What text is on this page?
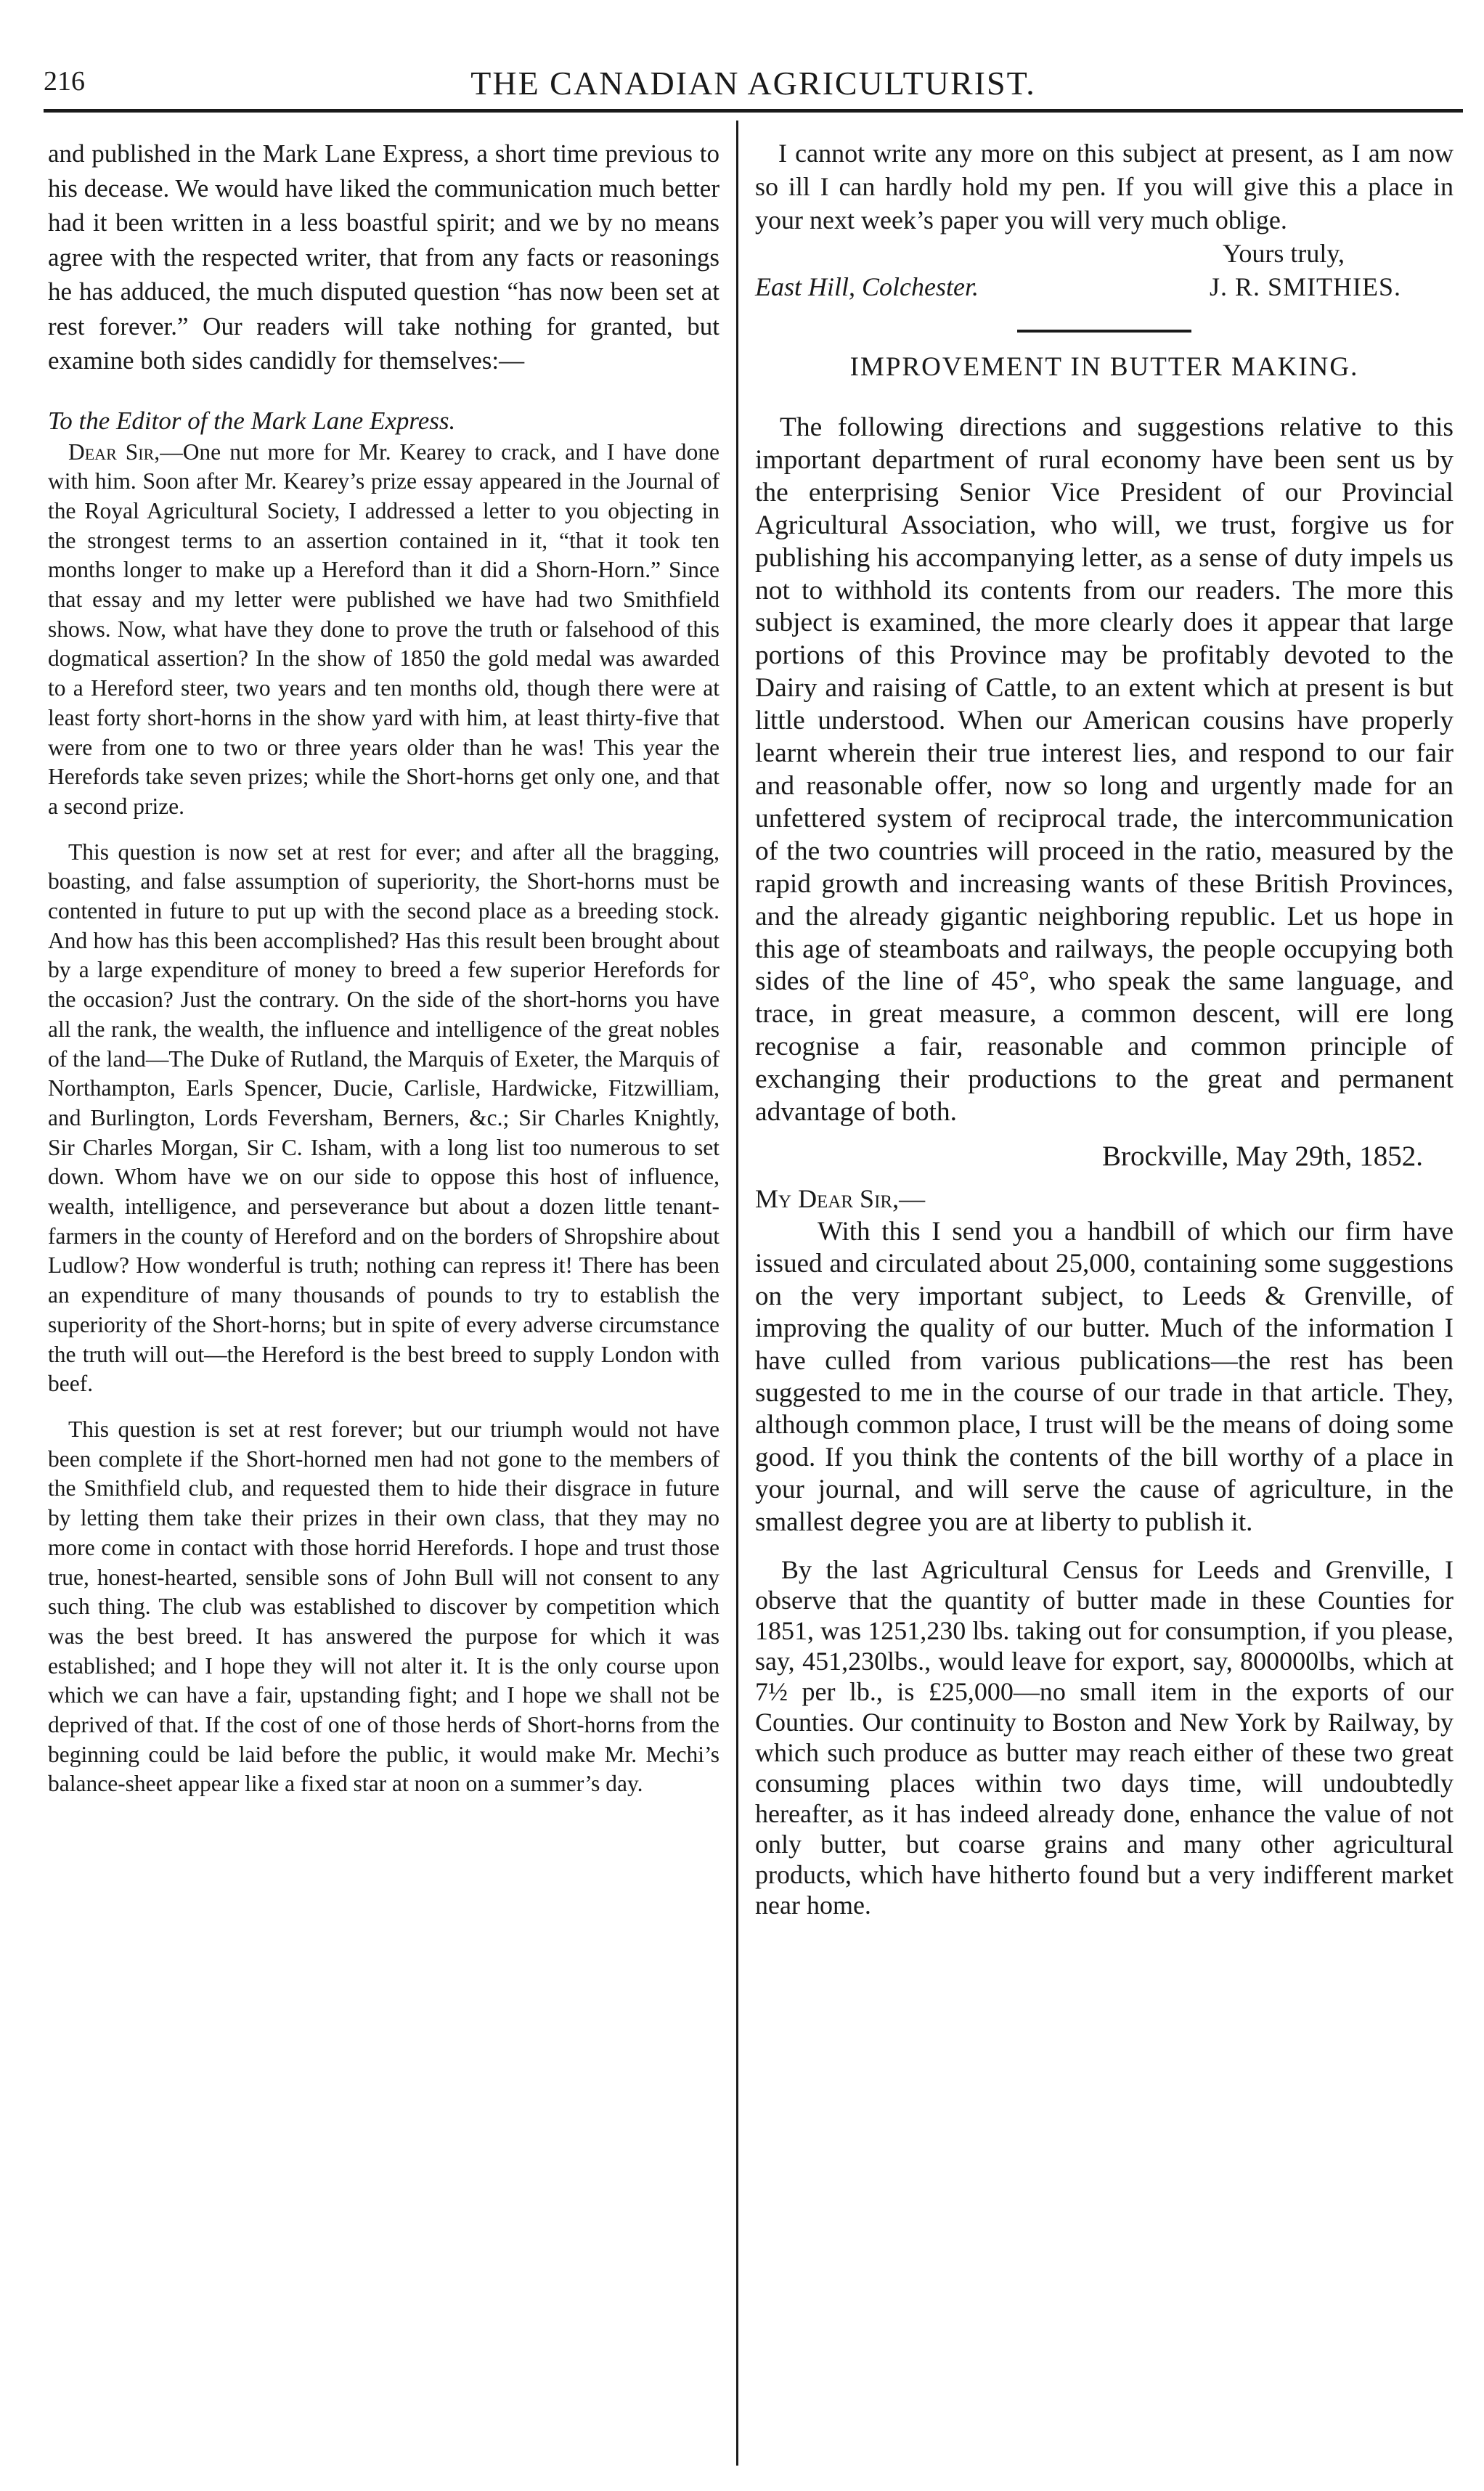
216	THE CANADIAN AGRICULTURIST.

and published in the Mark Lane Express, a short time previous to his decease. We would have liked the communication much better had it been written in a less boastful spirit; and we by no means agree with the respected writer, that from any facts or reasonings he has adduced, the much disputed question “has now been set at rest forever.” Our readers will take nothing for granted, but examine both sides candidly for themselves:—

To the Editor of the Mark Lane Express.

Dear Sir,—One nut more for Mr. Kearey to crack, and I have done with him. Soon after Mr. Kearey’s prize essay appeared in the Journal of the Royal Agricultural Society, I addressed a letter to you objecting in the strongest terms to an assertion contained in it, “that it took ten months longer to make up a Hereford than it did a Shorn-Horn.” Since that essay and my letter were published we have had two Smithfield shows. Now, what have they done to prove the truth or falsehood of this dogmatical assertion? In the show of 1850 the gold medal was awarded to a Hereford steer, two years and ten months old, though there were at least forty short-horns in the show yard with him, at least thirty-five that were from one to two or three years older than he was! This year the Herefords take seven prizes; while the Short-horns get only one, and that a second prize.

This question is now set at rest for ever; and after all the bragging, boasting, and false assumption of superiority, the Short-horns must be contented in future to put up with the second place as a breeding stock. And how has this been accomplished? Has this result been brought about by a large expenditure of money to breed a few superior Herefords for the occasion? Just the contrary. On the side of the short-horns you have all the rank, the wealth, the influence and intelligence of the great nobles of the land—The Duke of Rutland, the Marquis of Exeter, the Marquis of Northampton, Earls Spencer, Ducie, Carlisle, Hardwicke, Fitzwilliam, and Burlington, Lords Feversham, Berners, &c.; Sir Charles Knightly, Sir Charles Morgan, Sir C. Isham, with a long list too numerous to set down. Whom have we on our side to oppose this host of influence, wealth, intelligence, and perseverance but about a dozen little tenant-farmers in the county of Hereford and on the borders of Shropshire about Ludlow? How wonderful is truth; nothing can repress it! There has been an expenditure of many thousands of pounds to try to establish the superiority of the Short-horns; but in spite of every adverse circumstance the truth will out—the Hereford is the best breed to supply London with beef.

This question is set at rest forever; but our triumph would not have been complete if the Short-horned men had not gone to the members of the Smithfield club, and requested them to hide their disgrace in future by letting them take their prizes in their own class, that they may no more come in contact with those horrid Herefords. I hope and trust those true, honest-hearted, sensible sons of John Bull will not consent to any such thing. The club was established to discover by competition which was the best breed. It has answered the purpose for which it was established; and I hope they will not alter it. It is the only course upon which we can have a fair, upstanding fight; and I hope we shall not be deprived of that. If the cost of one of those herds of Short-horns from the beginning could be laid before the public, it would make Mr. Mechi’s balance-sheet appear like a fixed star at noon on a summer’s day.

I cannot write any more on this subject at present, as I am now so ill I can hardly hold my pen. If you will give this a place in your next week’s paper you will very much oblige.

Yours truly,

East Hill, Colchester.	J. R. SMITHIES.

IMPROVEMENT IN BUTTER MAKING.

The following directions and suggestions relative to this important department of rural economy have been sent us by the enterprising Senior Vice President of our Provincial Agricultural Association, who will, we trust, forgive us for publishing his accompanying letter, as a sense of duty impels us not to withhold its contents from our readers. The more this subject is examined, the more clearly does it appear that large portions of this Province may be profitably devoted to the Dairy and raising of Cattle, to an extent which at present is but little understood. When our American cousins have properly learnt wherein their true interest lies, and respond to our fair and reasonable offer, now so long and urgently made for an unfettered system of reciprocal trade, the intercommunication of the two countries will proceed in the ratio, measured by the rapid growth and increasing wants of these British Provinces, and the already gigantic neighboring republic. Let us hope in this age of steamboats and railways, the people occupying both sides of the line of 45°, who speak the same language, and trace, in great measure, a common descent, will ere long recognise a fair, reasonable and common principle of exchanging their productions to the great and permanent advantage of both.

Brockville, May 29th, 1852.

My Dear Sir,—

With this I send you a handbill of which our firm have issued and circulated about 25,000, containing some suggestions on the very important subject, to Leeds & Grenville, of improving the quality of our butter. Much of the information I have culled from various publications—the rest has been suggested to me in the course of our trade in that article. They, although common place, I trust will be the means of doing some good. If you think the contents of the bill worthy of a place in your journal, and will serve the cause of agriculture, in the smallest degree you are at liberty to publish it.

By the last Agricultural Census for Leeds and Grenville, I observe that the quantity of butter made in these Counties for 1851, was 1251,230 lbs. taking out for consumption, if you please, say, 451,230lbs., would leave for export, say, 800000lbs, which at 7½ per lb., is £25,000—no small item in the exports of our Counties. Our continuity to Boston and New York by Railway, by which such produce as butter may reach either of these two great consuming places within two days time, will undoubtedly hereafter, as it has indeed already done, enhance the value of not only butter, but coarse grains and many other agricultural products, which have hitherto found but a very indifferent market near home.
